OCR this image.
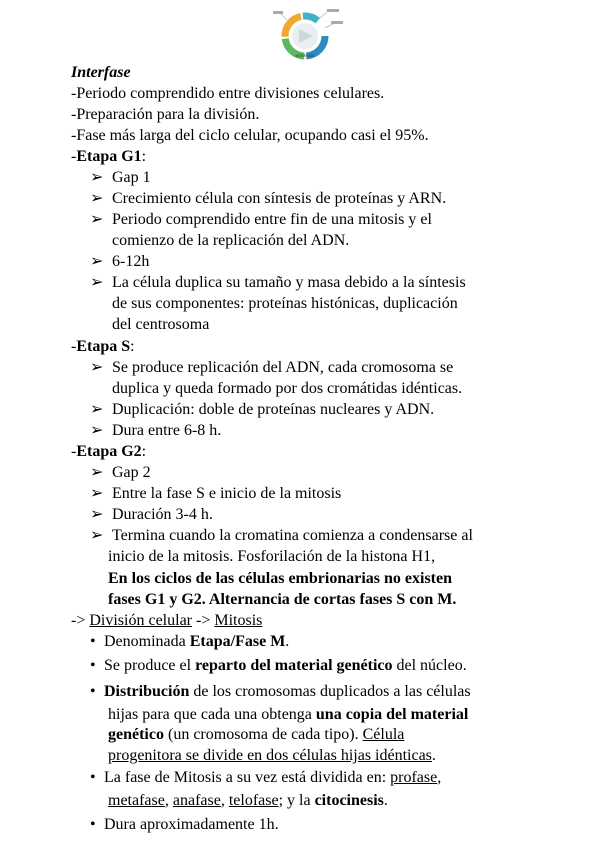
INTERFASE
Interfase
-Periodo comprendido entre divisiones celulares.
-Preparación para la división.
-Fase más larga del ciclo celular, ocupando casi el 95%.
-Etapa G1:
➢ Gap 1
➢ Crecimiento célula con síntesis de proteínas y ARN.
➢ Periodo comprendido entre fin de una mitosis y el
comienzo de la replicación del ADN.
➢ 6-12h
➢ La célula duplica su tamaño y masa debido a la síntesis
de sus componentes: proteínas histónicas, duplicación
del centrosoma
-Etapa S:
➢ Se produce replicación del ADN, cada cromosoma se
duplica y queda formado por dos cromátidas idénticas.
➢ Duplicación: doble de proteínas nucleares y ADN.
➢ Dura entre 6-8 h.
-Etapa G2:
➢ Gap 2
➢ Entre la fase S e inicio de la mitosis
➢ Duración 3-4 h.
➢ Termina cuando la cromatina comienza a condensarse al
inicio de la mitosis. Fosforilación de la histona H1,
En los ciclos de las células embrionarias no existen
fases G1 y G2. Alternancia de cortas fases S con M.
-> División celular -> Mitosis
• Denominada Etapa/Fase M.
• Se produce el reparto del material genético del núcleo.
• Distribución de los cromosomas duplicados a las células
hijas para que cada una obtenga una copia del material
genético (un cromosoma de cada tipo). Célula
progenitora se divide en dos células hijas idénticas.
• La fase de Mitosis a su vez está dividida en: profase,
metafase, anafase, telofase; y la citocinesis.
• Dura aproximadamente 1h.
